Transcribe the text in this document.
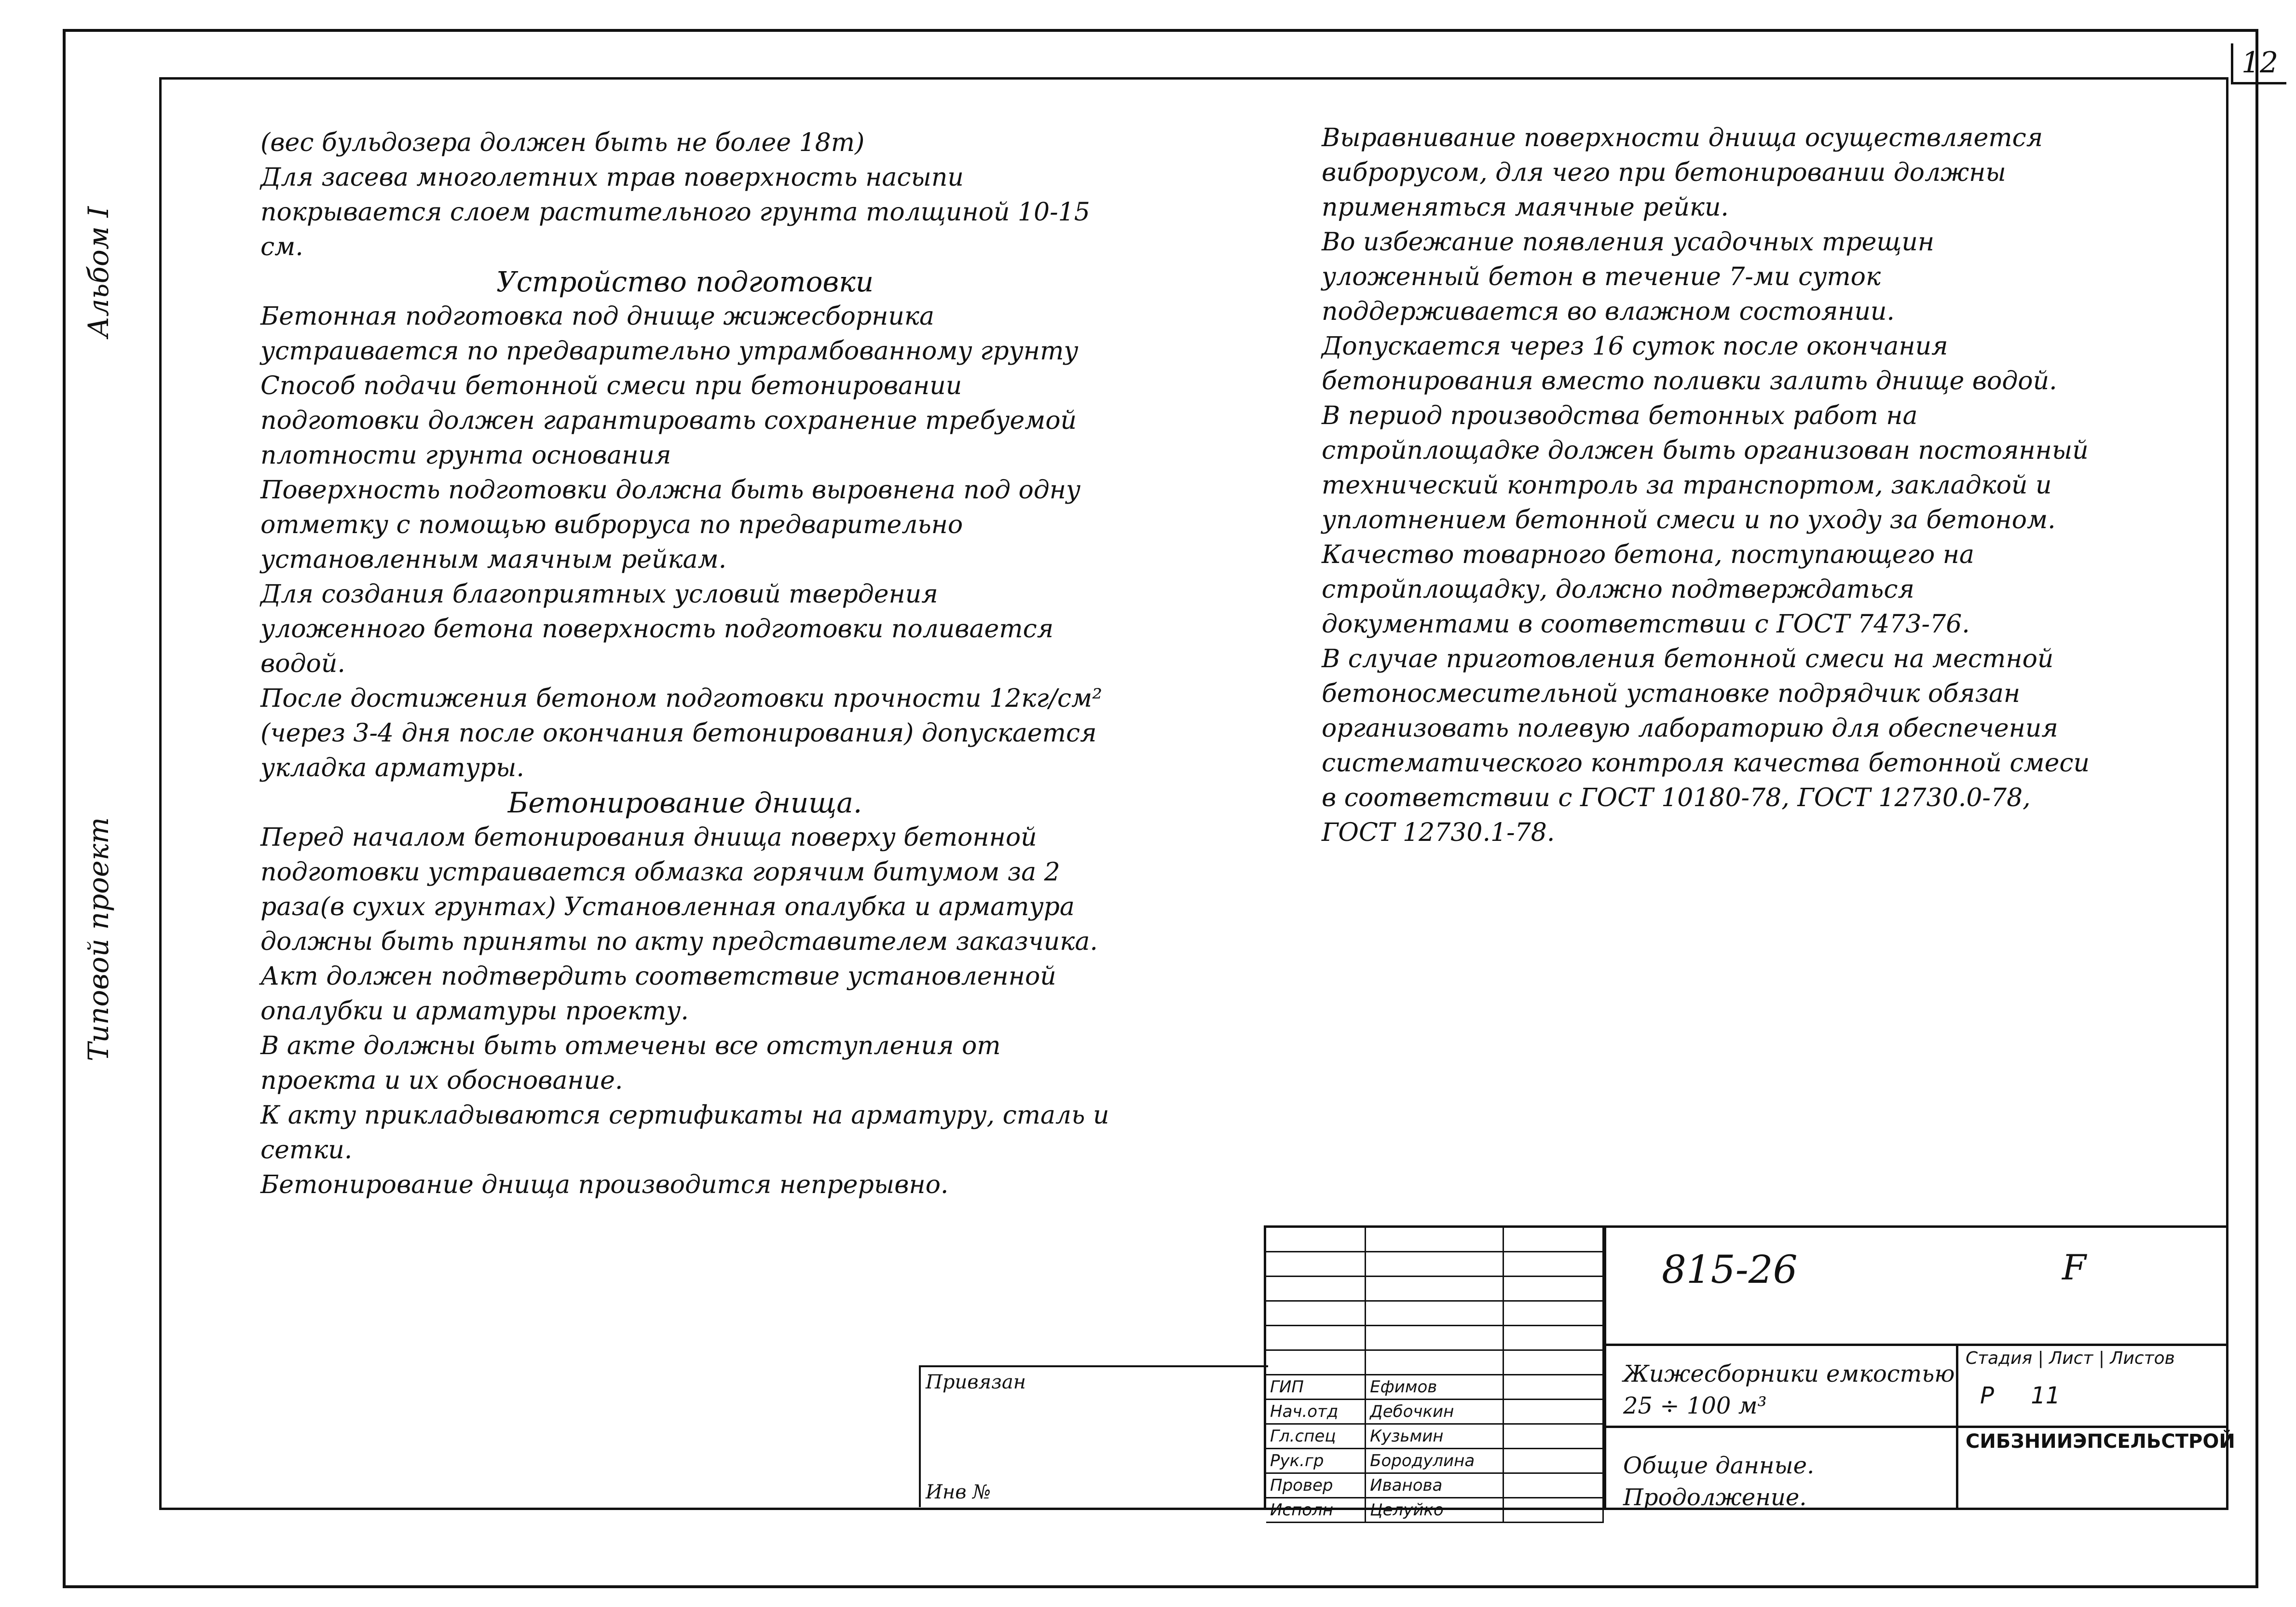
12
Альбом I
Типовой проект

(вес бульдозера должен быть не более 18т)

Для засева многолетних трав поверхность насыпи покрывается слоем растительного грунта толщиной 10-15 см.

Устройство подготовки

Бетонная подготовка под днище жижесборника устраивается по предварительно утрамбованному грунту

Способ подачи бетонной смеси при бетонировании подготовки должен гарантировать сохранение требуемой плотности грунта основания

Поверхность подготовки должна быть выровнена под одну отметку с помощью виброруса по предварительно установленным маячным рейкам.

Для создания благоприятных условий твердения уложенного бетона поверхность подготовки поливается водой.

После достижения бетоном подготовки прочности 12кг/см² (через 3-4 дня после окончания бетонирования) допускается укладка арматуры.

Бетонирование днища.

Перед началом бетонирования днища поверху бетонной подготовки устраивается обмазка горячим битумом за 2 раза(в сухих грунтах) Установленная опалубка и арматура должны быть приняты по акту представителем заказчика.

Акт должен подтвердить соответствие установленной опалубки и арматуры проекту.

В акте должны быть отмечены все отступления от проекта и их обоснование.

К акту прикладываются сертификаты на арматуру, сталь и сетки.

Бетонирование днища производится непрерывно.

Выравнивание поверхности днища осуществляется виброрусом, для чего при бетонировании должны применяться маячные рейки.

Во избежание появления усадочных трещин уложенный бетон в течение 7-ми суток поддерживается во влажном состоянии.

Допускается через 16 суток после окончания бетонирования вместо поливки залить днище водой.

В период производства бетонных работ на стройплощадке должен быть организован постоянный технический контроль за транспортом, закладкой и уплотнением бетонной смеси и по уходу за бетоном.

Качество товарного бетона, поступающего на стройплощадку, должно подтверждаться документами в соответствии с ГОСТ 7473-76.

В случае приготовления бетонной смеси на местной бетоносмесительной установке подрядчик обязан организовать полевую лабораторию для обеспечения систематического контроля качества бетонной смеси в соответствии с ГОСТ 10180-78, ГОСТ 12730.0-78, ГОСТ 12730.1-78.

Привязан
Инв №
ГИП	Ефимов
Нач.отд	Дебочкин
Гл.спец	Кузьмин
Рук.гр	Бородулина
Провер	Иванова
Исполн	Целуйко
815-26	F
Жижесборники емкостью 25 ÷ 100 м³
Общие данные. Продолжение.
Стадия | Лист | Листов
Р 11
СИБЗНИИЭПСЕЛЬСТРОЙ
